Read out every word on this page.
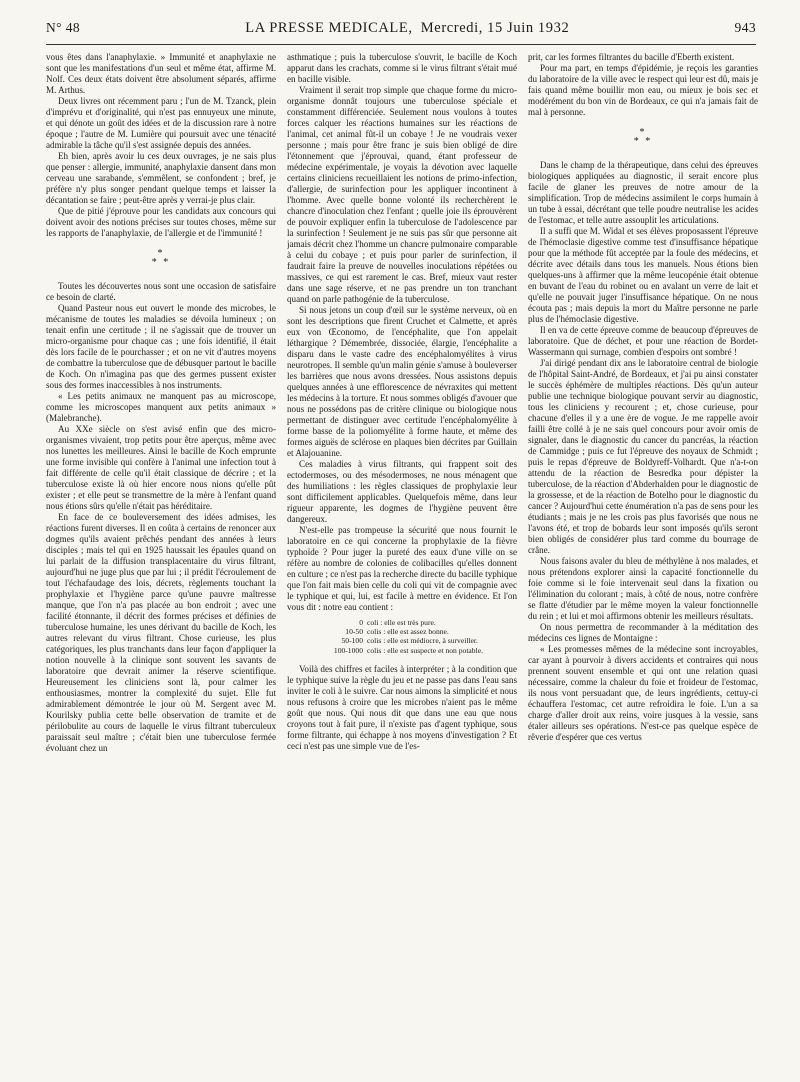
N° 48	LA PRESSE MEDICALE, Mercredi, 15 Juin 1932	943

vous êtes dans l'anaphylaxie. » Immunité et anaphylaxie ne sont que les manifestations d'un seul et même état, affirme M. Nolf. Ces deux états doivent être absolument séparés, affirme M. Arthus.

Deux livres ont récemment paru ; l'un de M. Tzanck, plein d'imprévu et d'originalité, qui n'est pas ennuyeux une minute, et qui dénote un goût des idées et de la discussion rare à notre époque ; l'autre de M. Lumière qui poursuit avec une ténacité admirable la tâche qu'il s'est assignée depuis des années.

Eh bien, après avoir lu ces deux ouvrages, je ne sais plus que penser : allergie, immunité, anaphylaxie dansent dans mon cerveau une sarabande, s'emmêlent, se confondent ; bref, je préfère n'y plus songer pendant quelque temps et laisser la décantation se faire ; peut-être après y verrai-je plus clair.

Que de pitié j'éprouve pour les candidats aux concours qui doivent avoir des notions précises sur toutes choses, même sur les rapports de l'anaphylaxie, de l'allergie et de l'immunité !

*
* *

Toutes les découvertes nous sont une occasion de satisfaire ce besoin de clarté.

Quand Pasteur nous eut ouvert le monde des microbes, le mécanisme de toutes les maladies se dévoila lumineux ; on tenait enfin une certitude ; il ne s'agissait que de trouver un micro-organisme pour chaque cas ; une fois identifié, il était dès lors facile de le pourchasser ; et on ne vit d'autres moyens de combattre la tuberculose que de débusquer partout le bacille de Koch. On n'imagina pas que des germes pussent exister sous des formes inaccessibles à nos instruments.

« Les petits animaux ne manquent pas au microscope, comme les microscopes manquent aux petits animaux » (Malebranche).

Au XXe siècle on s'est avisé enfin que des micro-organismes vivaient, trop petits pour être aperçus, même avec nos lunettes les meilleures. Ainsi le bacille de Koch emprunte une forme invisible qui confère à l'animal une infection tout à fait différente de celle qu'il était classique de décrire ; et la tuberculose existe là où hier encore nous nions qu'elle pût exister ; et elle peut se transmettre de la mère à l'enfant quand nous étions sûrs qu'elle n'était pas héréditaire.

En face de ce bouleversement des idées admises, les réactions furent diverses. Il en coûta à certains de renoncer aux dogmes qu'ils avaient prêchés pendant des années à leurs disciples ; mais tel qui en 1925 haussait les épaules quand on lui parlait de la diffusion transplacentaire du virus filtrant, aujourd'hui ne juge plus que par lui ; il prédit l'écroulement de tout l'échafaudage des lois, décrets, règlements touchant la prophylaxie et l'hygiène parce qu'une pauvre maîtresse manque, que l'on n'a pas placée au bon endroit ; avec une facilité étonnante, il décrit des formes précises et définies de tuberculose humaine, les unes dérivant du bacille de Koch, les autres relevant du virus filtrant. Chose curieuse, les plus catégoriques, les plus tranchants dans leur façon d'appliquer la notion nouvelle à la clinique sont souvent les savants de laboratoire que devrait animer la réserve scientifique. Heureusement les cliniciens sont là, pour calmer les enthousiasmes, montrer la complexité du sujet. Elle fut admirablement démontrée le jour où M. Sergent avec M. Kourilsky publia cette belle observation de tramite et de périlobulite au cours de laquelle le virus filtrant tuberculeux paraissait seul maître ; c'était bien une tuberculose fermée évoluant chez un

asthmatique ; puis la tuberculose s'ouvrit, le bacille de Koch apparut dans les crachats, comme si le virus filtrant s'était mué en bacille visible.

Vraiment il serait trop simple que chaque forme du micro-organisme donnât toujours une tuberculose spéciale et constamment différenciée. Seulement nous voulons à toutes forces calquer les réactions humaines sur les réactions de l'animal, cet animal fût-il un cobaye ! Je ne voudrais vexer personne ; mais pour être franc je suis bien obligé de dire l'étonnement que j'éprouvai, quand, étant professeur de médecine expérimentale, je voyais la dévotion avec laquelle certains cliniciens recueillaient les notions de primo-infection, d'allergie, de surinfection pour les appliquer incontinent à l'homme. Avec quelle bonne volonté ils recherchèrent le chancre d'inoculation chez l'enfant ; quelle joie ils éprouvèrent de pouvoir expliquer enfin la tuberculose de l'adolescence par la surinfection ! Seulement je ne suis pas sûr que personne ait jamais décrit chez l'homme un chancre pulmonaire comparable à celui du cobaye ; et puis pour parler de surinfection, il faudrait faire la preuve de nouvelles inoculations répétées ou massives, ce qui est rarement le cas. Bref, mieux vaut rester dans une sage réserve, et ne pas prendre un ton tranchant quand on parle pathogénie de la tuberculose.

Si nous jetons un coup d'œil sur le système nerveux, où en sont les descriptions que firent Cruchet et Calmette, et après eux von Œconomo, de l'encéphalite, que l'on appelait léthargique ? Démembrée, dissociée, élargie, l'encéphalite a disparu dans le vaste cadre des encéphalomyélites à virus neurotropes. Il semble qu'un malin génie s'amuse à bouleverser les barrières que nous avons dressées. Nous assistons depuis quelques années à une efflorescence de névraxites qui mettent les médecins à la torture. Et nous sommes obligés d'avouer que nous ne possédons pas de critère clinique ou biologique nous permettant de distinguer avec certitude l'encéphalomyélite à forme basse de la poliomyélite à forme haute, et même des formes aiguës de sclérose en plaques bien décrites par Guillain et Alajouanine.

Ces maladies à virus filtrants, qui frappent soit des ectodermoses, ou des mésodermoses, ne nous ménagent que des humiliations : les règles classiques de prophylaxie leur sont difficilement applicables. Quelquefois même, dans leur rigueur apparente, les dogmes de l'hygiène peuvent être dangereux.

N'est-elle pas trompeuse la sécurité que nous fournit le laboratoire en ce qui concerne la prophylaxie de la fièvre typhoïde ? Pour juger la pureté des eaux d'une ville on se réfère au nombre de colonies de colibacilles qu'elles donnent en culture ; ce n'est pas la recherche directe du bacille typhique que l'on fait mais bien celle du coli qui vit de compagnie avec le typhique et qui, lui, est facile à mettre en évidence. Et l'on vous dit : notre eau contient :

0 coli : elle est très pure.
10-50 colis : elle est assez bonne.
50-100 colis : elle est médiocre, à surveiller.
100-1000 colis : elle est suspecte et non potable.

Voilà des chiffres et faciles à interpréter ; à la condition que le typhique suive la règle du jeu et ne passe pas dans l'eau sans inviter le coli à le suivre. Car nous aimons la simplicité et nous nous refusons à croire que les microbes n'aient pas le même goût que nous. Qui nous dit que dans une eau que nous croyons tout à fait pure, il n'existe pas d'agent typhique, sous forme filtrante, qui échappe à nos moyens d'investigation ? Et ceci n'est pas une simple vue de l'es-

prit, car les formes filtrantes du bacille d'Eberth existent.

Pour ma part, en temps d'épidémie, je reçois les garanties du laboratoire de la ville avec le respect qui leur est dû, mais je fais quand même bouillir mon eau, ou mieux je bois sec et modérément du bon vin de Bordeaux, ce qui n'a jamais fait de mal à personne.

*
* *

Dans le champ de la thérapeutique, dans celui des épreuves biologiques appliquées au diagnostic, il serait encore plus facile de glaner les preuves de notre amour de la simplification. Trop de médecins assimilent le corps humain à un tube à essai, décrétant que telle poudre neutralise les acides de l'estomac, et telle autre assouplit les articulations.

Il a suffi que M. Widal et ses élèves proposassent l'épreuve de l'hémoclasie digestive comme test d'insuffisance hépatique pour que la méthode fût acceptée par la foule des médecins, et décrite avec détails dans tous les manuels. Nous étions bien quelques-uns à affirmer que la même leucopénie était obtenue en buvant de l'eau du robinet ou en avalant un verre de lait et qu'elle ne pouvait juger l'insuffisance hépatique. On ne nous écouta pas ; mais depuis la mort du Maître personne ne parle plus de l'hémoclasie digestive.

Il en va de cette épreuve comme de beaucoup d'épreuves de laboratoire. Que de déchet, et pour une réaction de Bordet-Wassermann qui surnage, combien d'espoirs ont sombré !

J'ai dirigé pendant dix ans le laboratoire central de biologie de l'hôpital Saint-André, de Bordeaux, et j'ai pu ainsi constater le succès éphémère de multiples réactions. Dès qu'un auteur publie une technique biologique pouvant servir au diagnostic, tous les cliniciens y recourent ; et, chose curieuse, pour chacune d'elles il y a une ère de vogue. Je me rappelle avoir failli être collé à je ne sais quel concours pour avoir omis de signaler, dans le diagnostic du cancer du pancréas, la réaction de Cammidge ; puis ce fut l'épreuve des noyaux de Schmidt ; puis le repas d'épreuve de Boldyreff-Volhardt. Que n'a-t-on attendu de la réaction de Besredka pour dépister la tuberculose, de la réaction d'Abderhalden pour le diagnostic de la grossesse, et de la réaction de Botelho pour le diagnostic du cancer ? Aujourd'hui cette énumération n'a pas de sens pour les étudiants ; mais je ne les crois pas plus favorisés que nous ne l'avons été, et trop de bobards leur sont imposés qu'ils seront bien obligés de considérer plus tard comme du bourrage de crâne.

Nous faisons avaler du bleu de méthylène à nos malades, et nous prétendons explorer ainsi la capacité fonctionnelle du foie comme si le foie intervenait seul dans la fixation ou l'élimination du colorant ; mais, à côté de nous, notre confrère se flatte d'étudier par le même moyen la valeur fonctionnelle du rein ; et lui et moi affirmons obtenir les meilleurs résultats.

On nous permettra de recommander à la méditation des médecins ces lignes de Montaigne :

« Les promesses mêmes de la médecine sont incroyables, car ayant à pourvoir à divers accidents et contraires qui nous prennent souvent ensemble et qui ont une relation quasi nécessaire, comme la chaleur du foie et froideur de l'estomac, ils nous vont persuadant que, de leurs ingrédients, cettuy-ci échauffera l'estomac, cet autre refroidira le foie. L'un a sa charge d'aller droit aux reins, voire jusques à la vessie, sans étaler ailleurs ses opérations. N'est-ce pas quelque espèce de rêverie d'espérer que ces vertus
